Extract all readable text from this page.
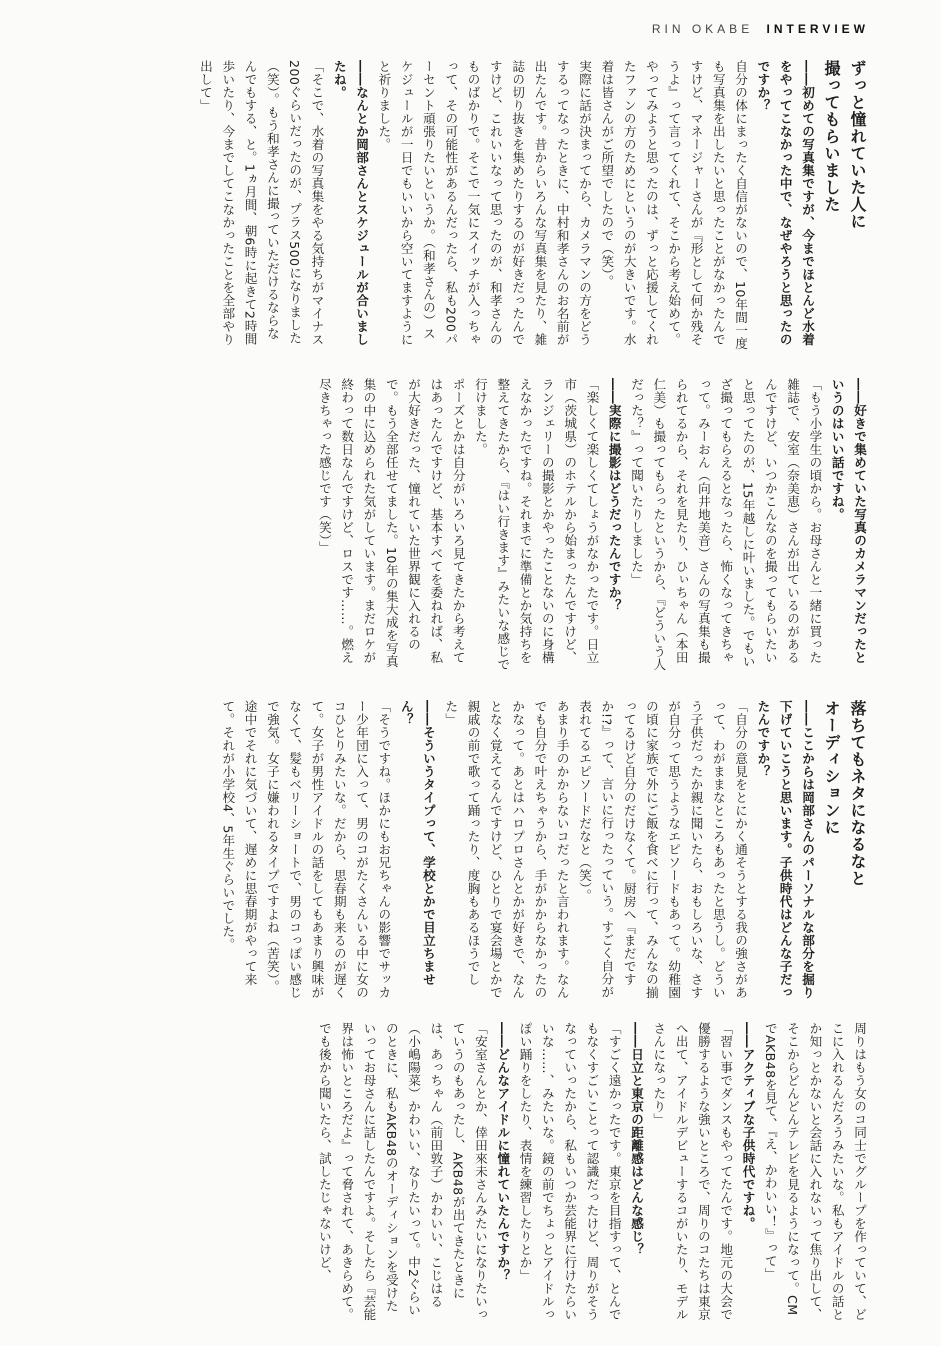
RIN OKABE INTERVIEW

ずっと憧れていた人に

撮ってもらいました

――初めての写真集ですが、今までほとんど水着をやってこなかった中で、なぜやろうと思ったのですか？

自分の体にまったく自信がないので、10年間一度も写真集を出したいと思ったことがなかったんですけど、マネージャーさんが『形として何か残そうよ』って言ってくれて、そこから考え始めて。やってみようと思ったのは、ずっと応援してくれたファンの方のためにというのが大きいです。水着は皆さんがご所望でしたので（笑）。

実際に話が決まってから、カメラマンの方をどうするってなったときに、中村和孝さんのお名前が出たんです。昔からいろんな写真集を見たり、雑誌の切り抜きを集めたりするのが好きだったんですけど、これいいなって思ったのが、和孝さんのものばかりで。そこで一気にスイッチが入っちゃって、その可能性があるんだったら、私も200パーセント頑張りたいというか。（和孝さんの）スケジュールが一日でもいいから空いてますようにと祈りました。

――なんとか岡部さんとスケジュールが合いましたね。

「そこで、水着の写真集をやる気持ちがマイナス200ぐらいだったのが、プラス500になりました（笑）。もう和孝さんに撮っていただけるならなんでもする、と。1ヵ月間、朝6時に起きて2時間歩いたり、今までしてこなかったことを全部やり出して」

――好きで集めていた写真のカメラマンだったというのはいい話ですね。

「もう小学生の頃から。お母さんと一緒に買った雑誌で、安室（奈美恵）さんが出ているのがあるんですけど、いつかこんなのを撮ってもらいたいと思ってたのが、15年越しに叶いました。でもいざ撮ってもらえるとなったら、怖くなってきちゃって。みーおん（向井地美音）さんの写真集も撮られてるから、それを見たり、ひぃちゃん（本田仁美）も撮ってもらったというから、『どういう人だった？』って聞いたりしました」

――実際に撮影はどうだったんですか？

「楽しくて楽しくてしょうがなかったです。日立市（茨城県）のホテルから始まったんですけど、ランジェリーの撮影とかやったことないのに身構えなかったですね。それまでに準備とか気持ちを整えてきたから、『はい行きます』みたいな感じで行けました。

ポーズとかは自分がいろいろ見てきたから考えてはあったんですけど、基本すべてを委ねれば、私が大好きだった、憧れていた世界観に入れるので。もう全部任せてました。10年の集大成を写真集の中に込められた気がしています。まだロケが終わって数日なんですけど、ロスです……。燃え尽きちゃった感じです（笑）」

落ちてもネタになるなと

オーディションに

――ここからは岡部さんのパーソナルな部分を掘り下げていこうと思います。子供時代はどんな子だったんですか？

「自分の意見をとにかく通そうとする我の強さがあって、わがままなところもあったと思うし。どういう子供だったか親に聞いたら、おもしろいな、さすが自分って思うようなエピソードもあって。幼稚園の頃に家族で外にご飯を食べに行って、みんなの揃ってるけど自分のだけなくて。厨房へ『まだですか!?』って、言いに行ったっていう。すごく自分が表れてるエピソードだなと（笑）。

あまり手のかからないコだったと言われます。なんでも自分で叶えちゃうから、手がかからなかったのかなって。あとはハロプロさんとかが好きで、なんとなく覚えてるんですけど、ひとりで宴会場とかで親戚の前で歌って踊ったり、度胸もあるほうでした」

――そういうタイプって、学校とかで目立ちません？

「そうですね。ほかにもお兄ちゃんの影響でサッカー少年団に入って、男のコがたくさんいる中に女のコひとりみたいな。だから、思春期も来るのが遅くて。女子が男性アイドルの話をしてもあまり興味がなくて、髪もベリーショートで、男のコっぽい感じで強気。女子に嫌われるタイプですよね（苦笑）。途中でそれに気づいて、遅めに思春期がやって来て。それが小学校4、5年生ぐらいでした。

周りはもう女のコ同士でグループを作っていて、どこに入れるんだろうみたいな。私もアイドルの話とか知っとかないと会話に入れないって焦り出して、そこからどんどんテレビを見るようになって。CMでAKB48を見て、『え、かわいい！』って」

――アクティブな子供時代ですね。

「習い事でダンスもやってたんです。地元の大会で優勝するような強いところで、周りのコたちは東京へ出て、アイドルデビューするコがいたり、モデルさんになったり」

――日立と東京の距離感はどんな感じ？

「すごく遠かったです。東京を目指すって、とんでもなくすごいことって認識だったけど、周りがそうなっていったから、私もいつか芸能界に行けたらいいな……、みたいな。鏡の前でちょっとアイドルっぽい踊りをしたり、表情を練習したりとか」

――どんなアイドルに憧れていたんですか？

「安室さんとか、倖田來未さんみたいになりたいっていうのもあったし、AKB48が出てきたときには、あっちゃん（前田敦子）かわいい、こじはる（小嶋陽菜）かわいい、なりたいって。中2ぐらいのときに、私もAKB48のオーディションを受けたいってお母さんに話したんですよ。そしたら『芸能界は怖いところだよ』って脅されて、あきらめて。でも後から聞いたら、試したじゃないけど、
